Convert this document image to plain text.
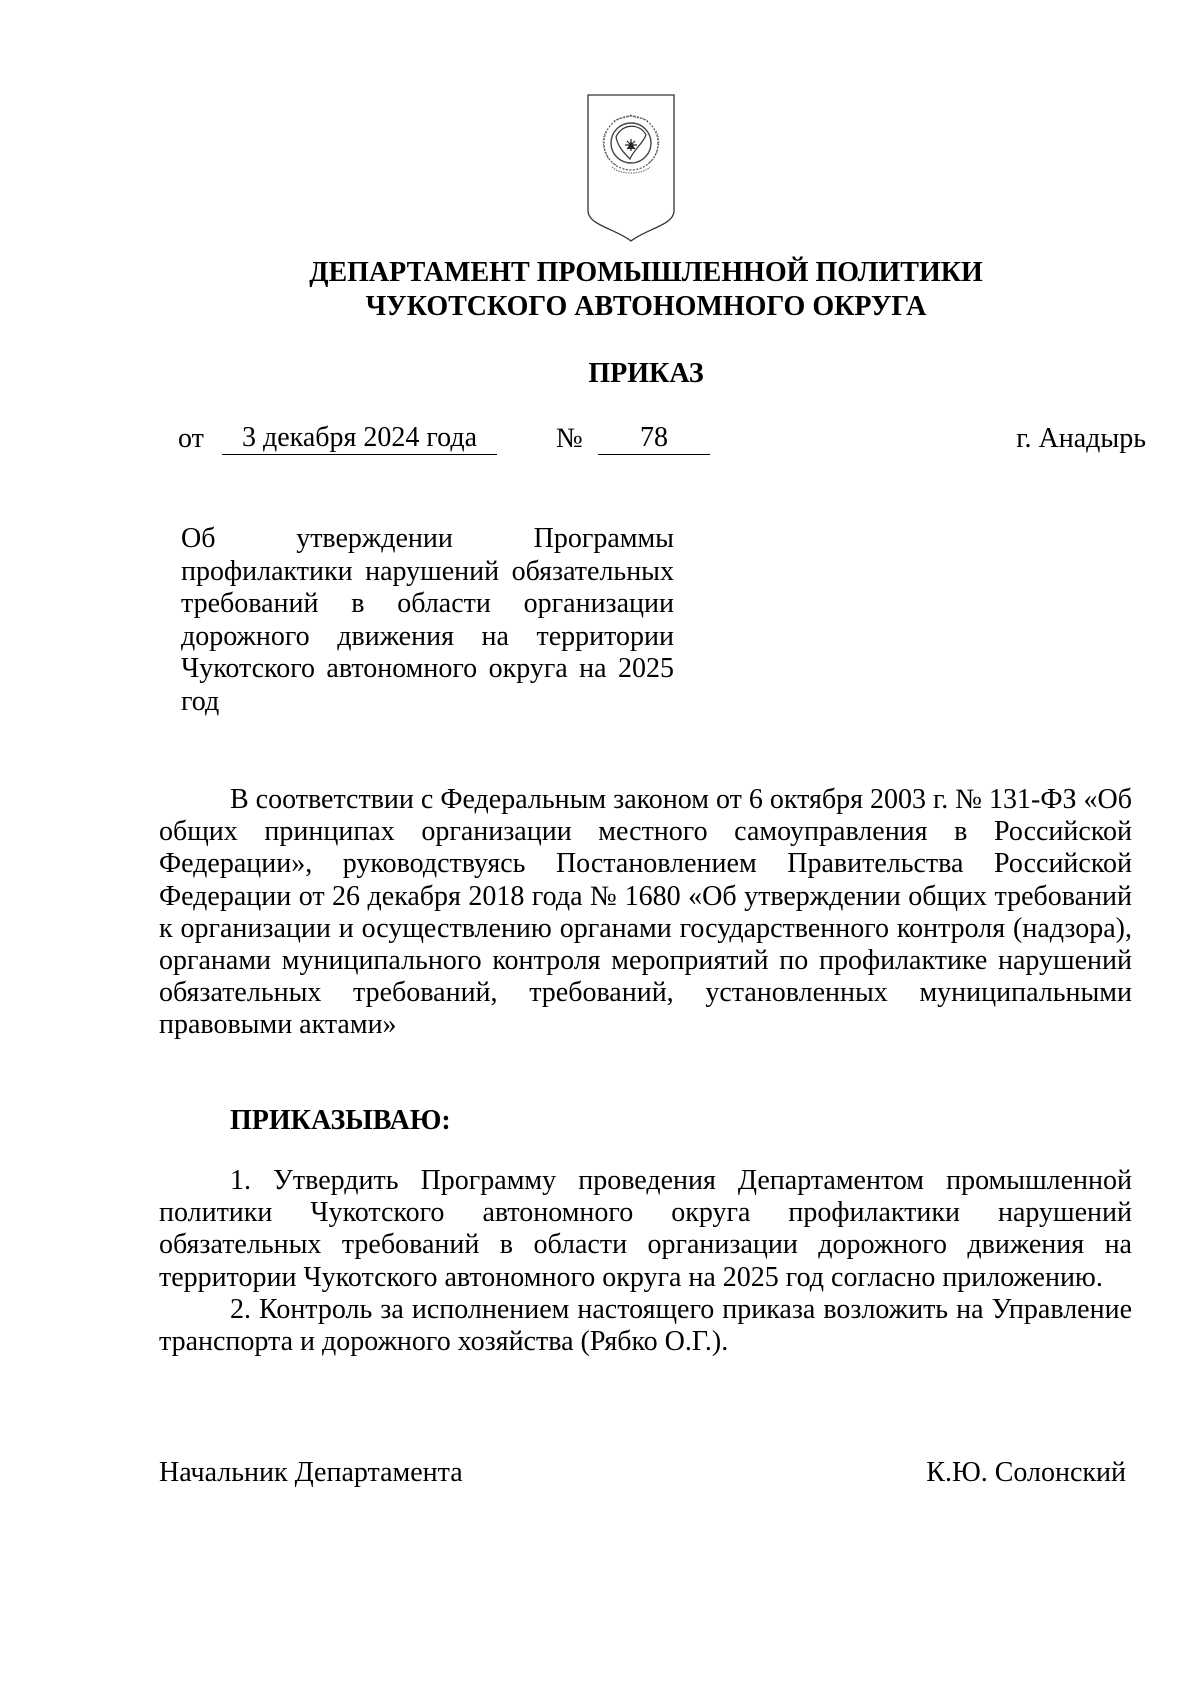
ДЕПАРТАМЕНТ ПРОМЫШЛЕННОЙ ПОЛИТИКИ
ЧУКОТСКОГО АВТОНОМНОГО ОКРУГА
ПРИКАЗ
от	3 декабря 2024 года	№	78	г. Анадырь
Об утверждении Программы профилактики нарушений обязательных требований в области организации дорожного движения на территории Чукотского автономного округа на 2025 год
В соответствии с Федеральным законом от 6 октября 2003 г. № 131-ФЗ «Об общих принципах организации местного самоуправления в Российской Федерации», руководствуясь Постановлением Правительства Российской Федерации от 26 декабря 2018 года № 1680 «Об утверждении общих требований к организации и осуществлению органами государственного контроля (надзора), органами муниципального контроля мероприятий по профилактике нарушений обязательных требований, требований, установленных муниципальными правовыми актами»
ПРИКАЗЫВАЮ:

1. Утвердить Программу проведения Департаментом промышленной политики Чукотского автономного округа профилактики нарушений обязательных требований в области организации дорожного движения на территории Чукотского автономного округа на 2025 год согласно приложению.

2. Контроль за исполнением настоящего приказа возложить на Управление транспорта и дорожного хозяйства (Рябко О.Г.).

Начальник Департамента	К.Ю. Солонский
